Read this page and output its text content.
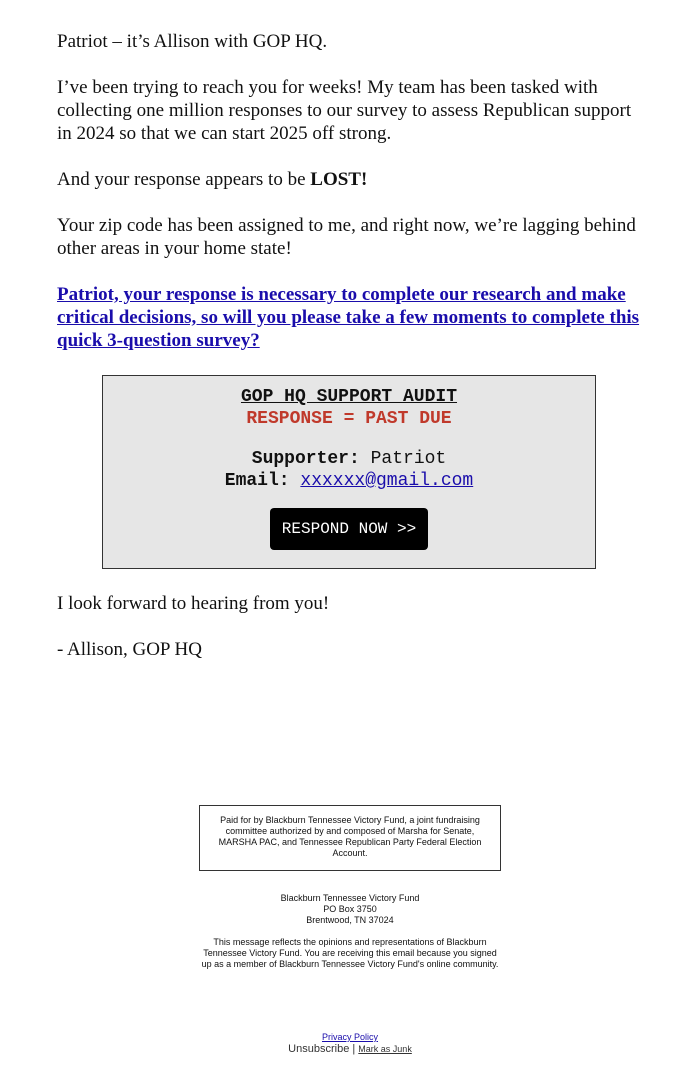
Patriot – it’s Allison with GOP HQ.

I’ve been trying to reach you for weeks! My team has been tasked with collecting one million responses to our survey to assess Republican support in 2024 so that we can start 2025 off strong.

And your response appears to be LOST!

Your zip code has been assigned to me, and right now, we’re lagging behind other areas in your home state!

Patriot, your response is necessary to complete our research and make critical decisions, so will you please take a few moments to complete this quick 3-question survey?

GOP HQ SUPPORT AUDIT
RESPONSE = PAST DUE
Supporter: Patriot
Email: xxxxxx@gmail.com
RESPOND NOW >>

I look forward to hearing from you!

- Allison, GOP HQ

Paid for by Blackburn Tennessee Victory Fund, a joint fundraising committee authorized by and composed of Marsha for Senate, MARSHA PAC, and Tennessee Republican Party Federal Election Account.
Blackburn Tennessee Victory Fund
PO Box 3750
Brentwood, TN 37024
This message reflects the opinions and representations of Blackburn Tennessee Victory Fund. You are receiving this email because you signed up as a member of Blackburn Tennessee Victory Fund's online community.
Privacy Policy
Unsubscribe | Mark as Junk
